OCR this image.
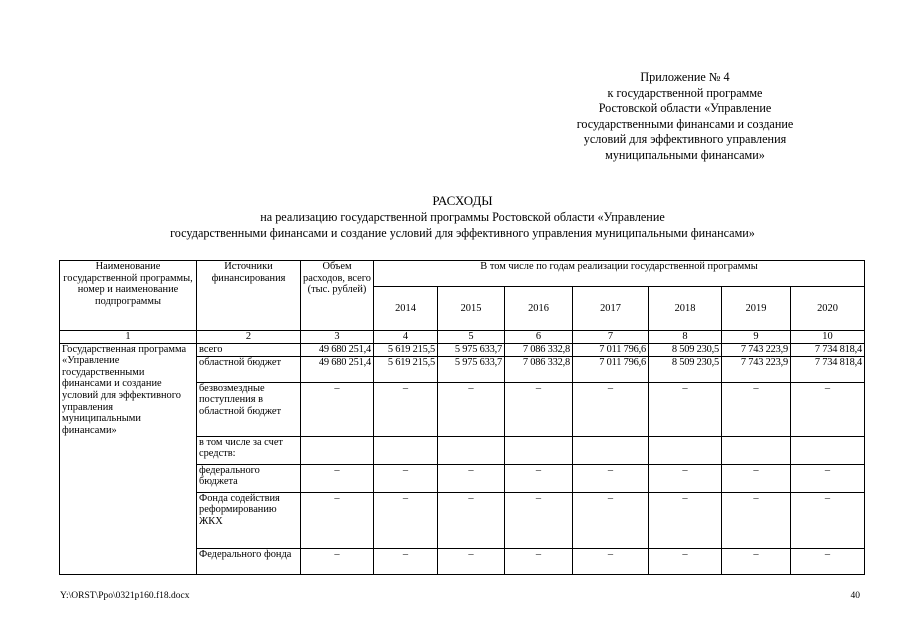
Приложение № 4
к государственной программе
Ростовской области «Управление
государственными финансами и создание
условий для эффективного управления
муниципальными финансами»
РАСХОДЫ
на реализацию государственной программы Ростовской области «Управление
государственными финансами и создание условий для эффективного управления муниципальными финансами»
Наименование государственной программы, номер и наименование подпрограммы	Источники финансирования	Объем расходов, всего (тыс. рублей)	В том числе по годам реализации государственной программы						
			2014	2015	2016	2017	2018	2019	2020
1	2	3	4	5	6	7	8	9	10
Государственная программа «Управление государственными финансами и создание условий для эффективного управления муниципальными финансами»	всего	49 680 251,4	5 619 215,5	5 975 633,7	7 086 332,8	7 011 796,6	8 509 230,5	7 743 223,9	7 734 818,4
	областной бюджет	49 680 251,4	5 619 215,5	5 975 633,7	7 086 332,8	7 011 796,6	8 509 230,5	7 743 223,9	7 734 818,4
	безвозмездные поступления в областной бюджет	–	–	–	–	–	–	–	–
	в том числе за счет средств:								
	федерального бюджета	–	–	–	–	–	–	–	–
	Фонда содействия реформированию ЖКХ	–	–	–	–	–	–	–	–
	Федерального фонда	–	–	–	–	–	–	–	–
Y:\ORST\Ppo\0321p160.f18.docx	40
